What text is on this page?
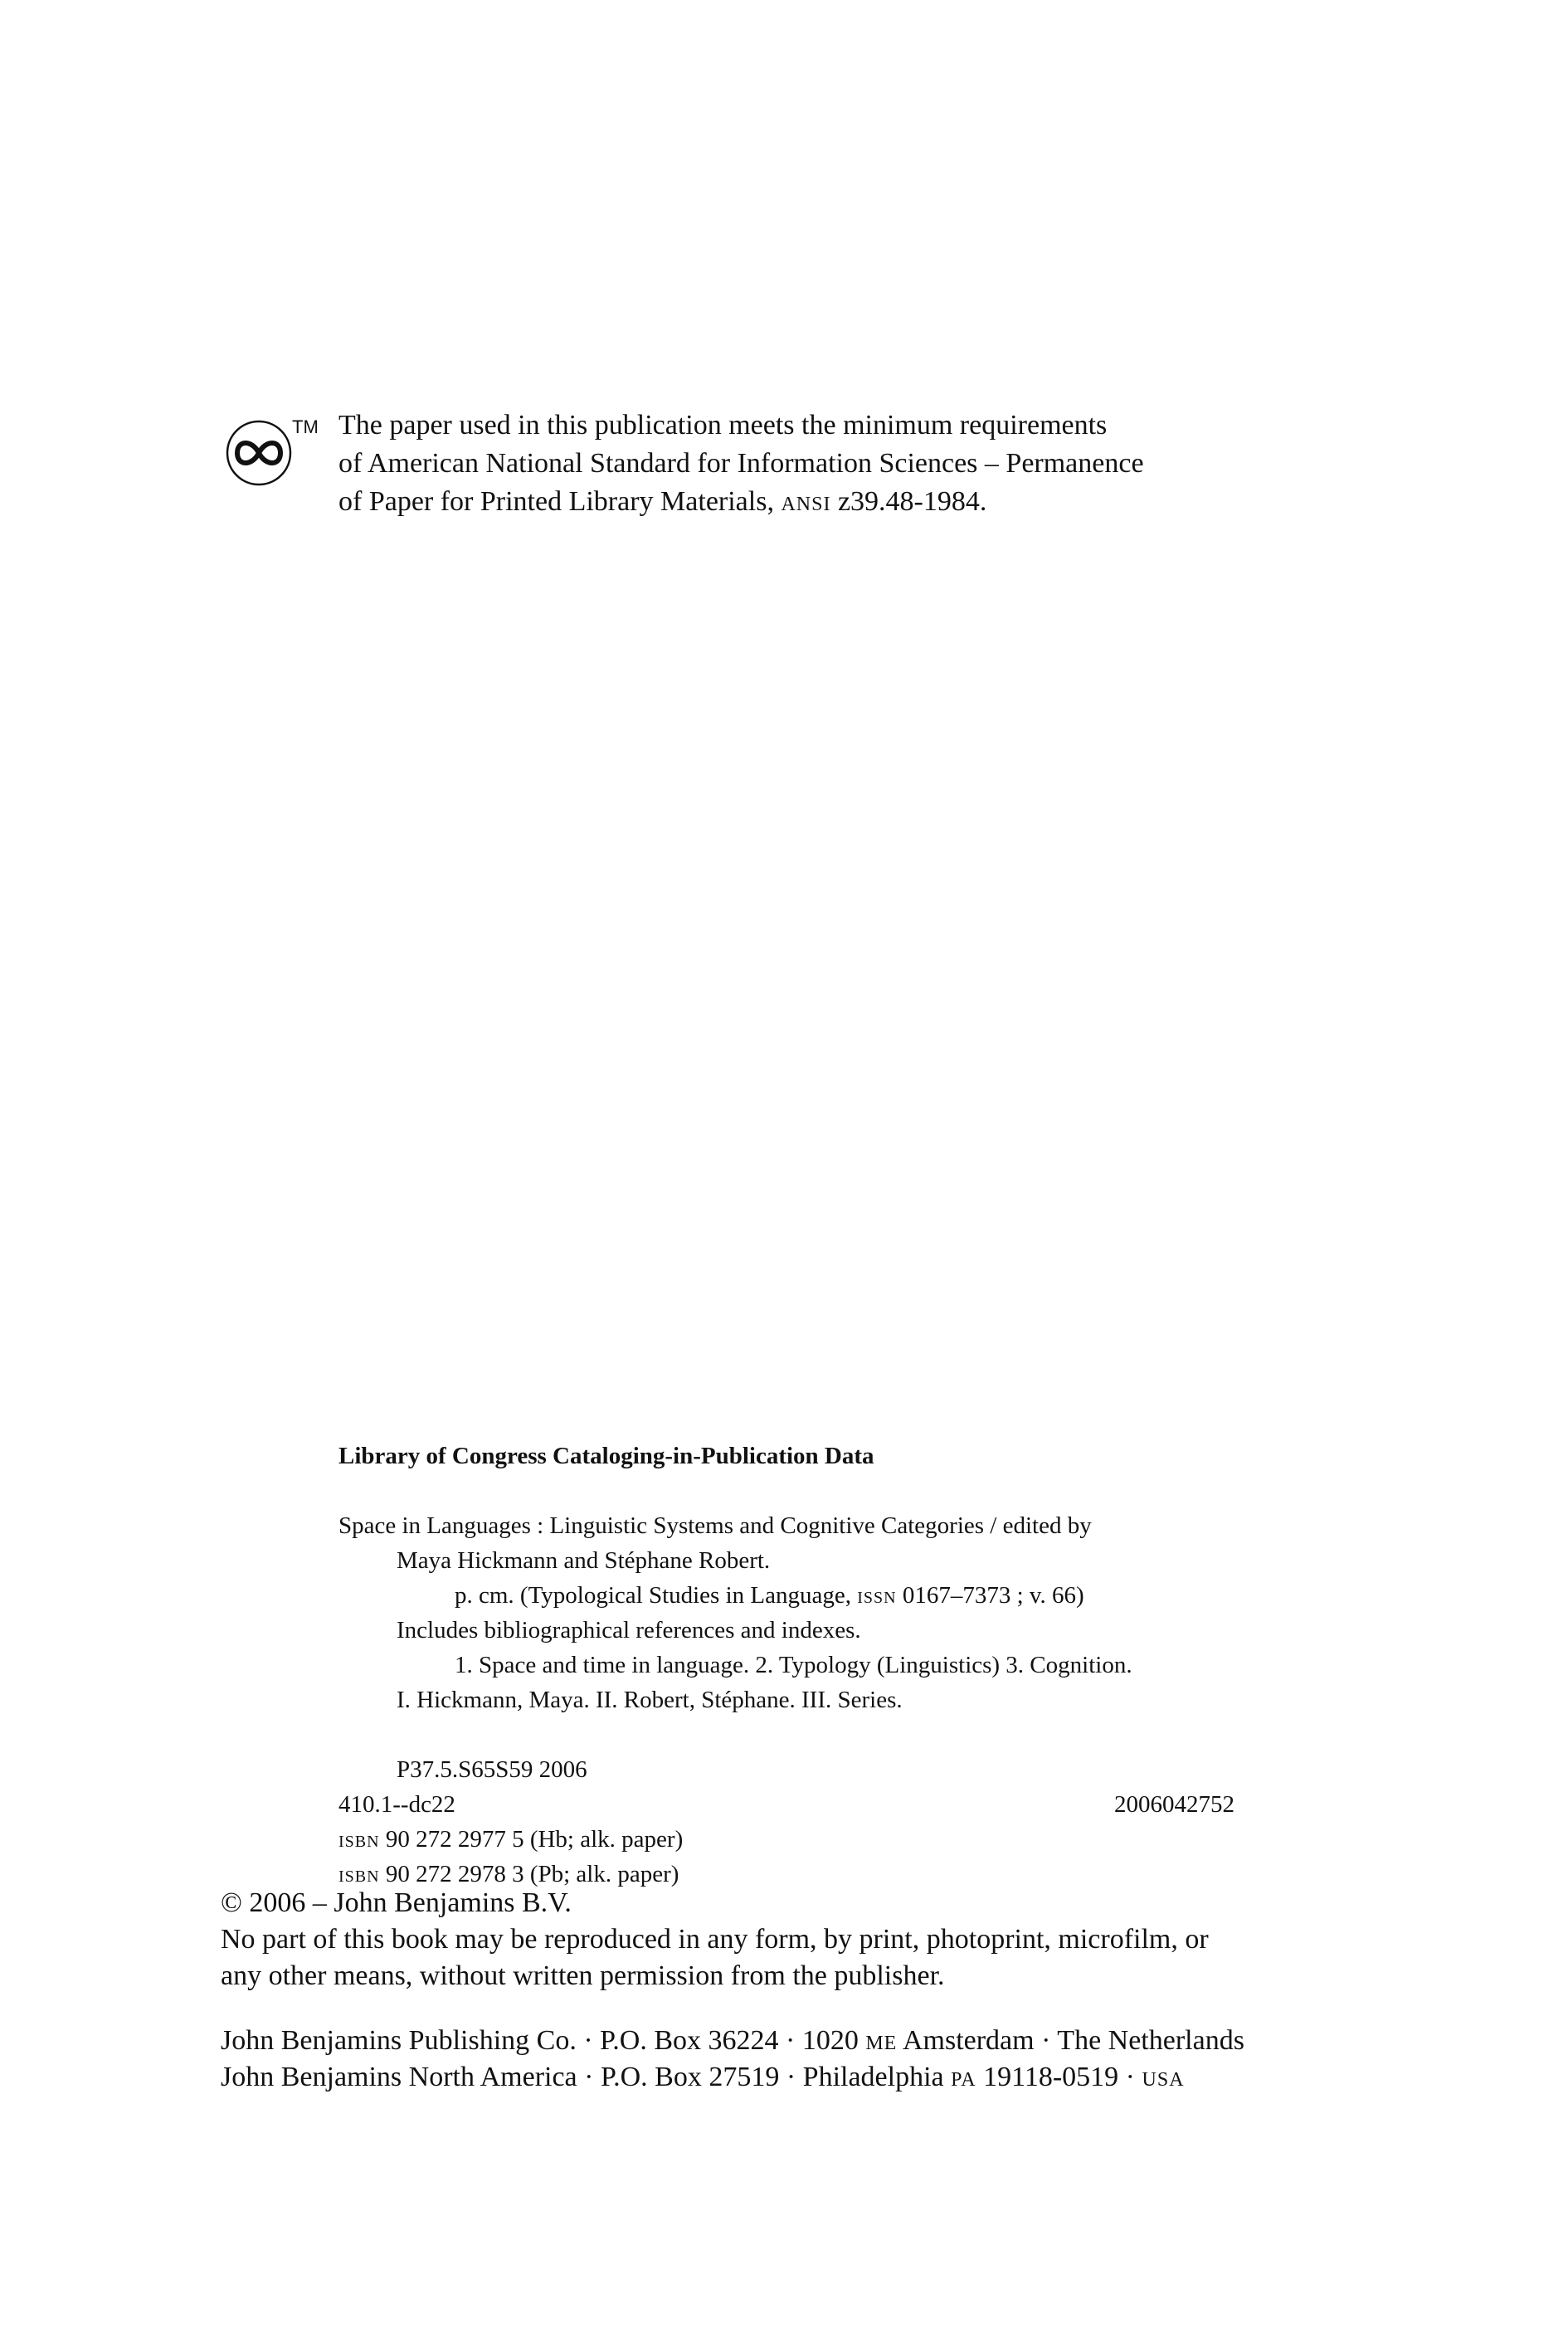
TM The paper used in this publication meets the minimum requirements
of American National Standard for Information Sciences – Permanence
of Paper for Printed Library Materials, ansi z39.48-1984.
Library of Congress Cataloging-in-Publication Data
Space in Languages : Linguistic Systems and Cognitive Categories / edited by
Maya Hickmann and Stéphane Robert.
p. cm. (Typological Studies in Language, issn 0167–7373 ; v. 66)
Includes bibliographical references and indexes.
1. Space and time in language. 2. Typology (Linguistics) 3. Cognition.
I. Hickmann, Maya. II. Robert, Stéphane. III. Series.
P37.5.S65S59 2006
410.1--dc22	2006042752
isbn 90 272 2977 5 (Hb; alk. paper)
isbn 90 272 2978 3 (Pb; alk. paper)
© 2006 – John Benjamins B.V.
No part of this book may be reproduced in any form, by print, photoprint, microfilm, or
any other means, without written permission from the publisher.
John Benjamins Publishing Co. · P.O. Box 36224 · 1020 me Amsterdam · The Netherlands
John Benjamins North America · P.O. Box 27519 · Philadelphia pa 19118-0519 · usa
